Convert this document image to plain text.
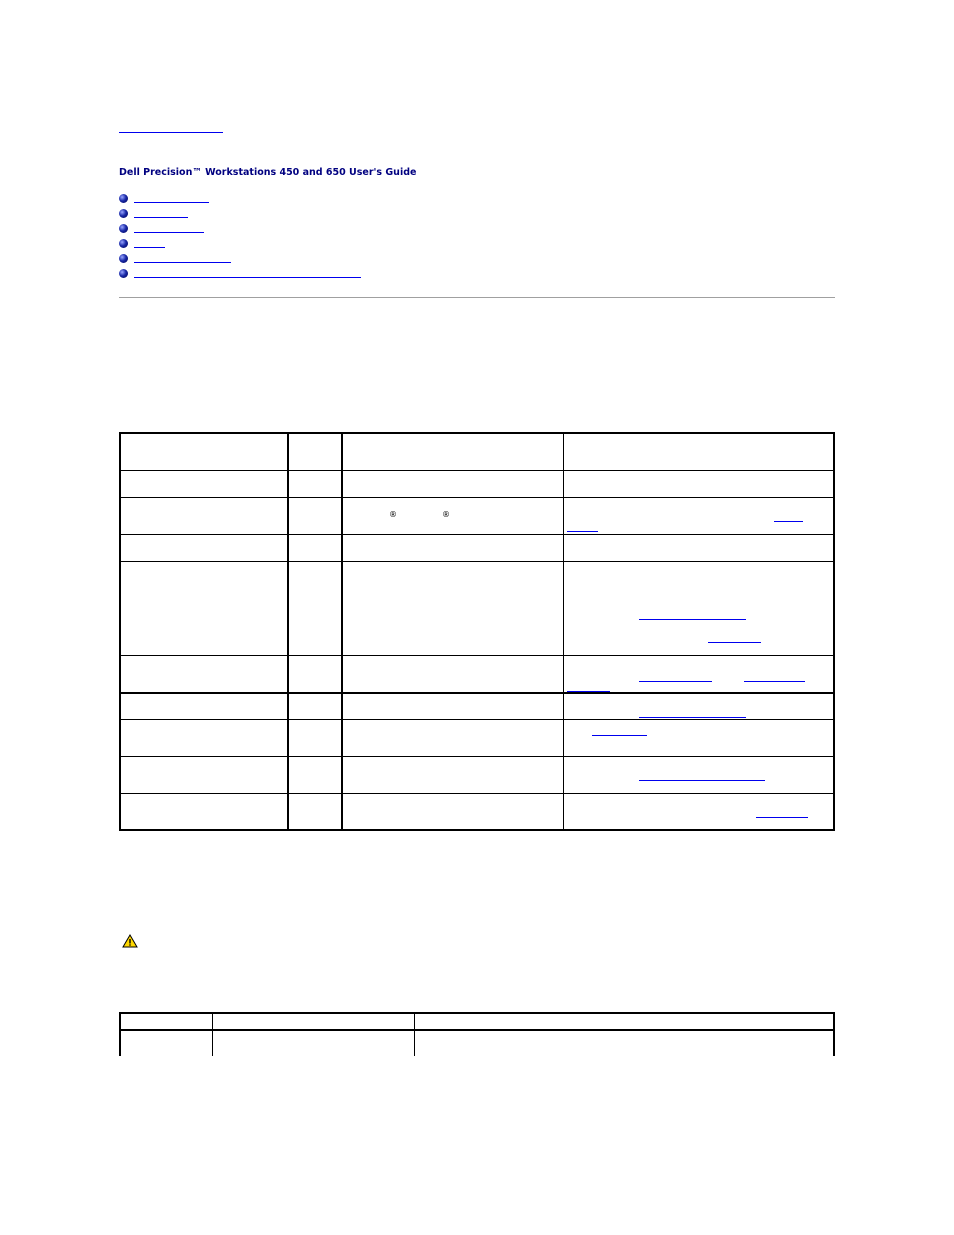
Dell Precision™ Workstations 450 and 650 User's Guide
®	®
